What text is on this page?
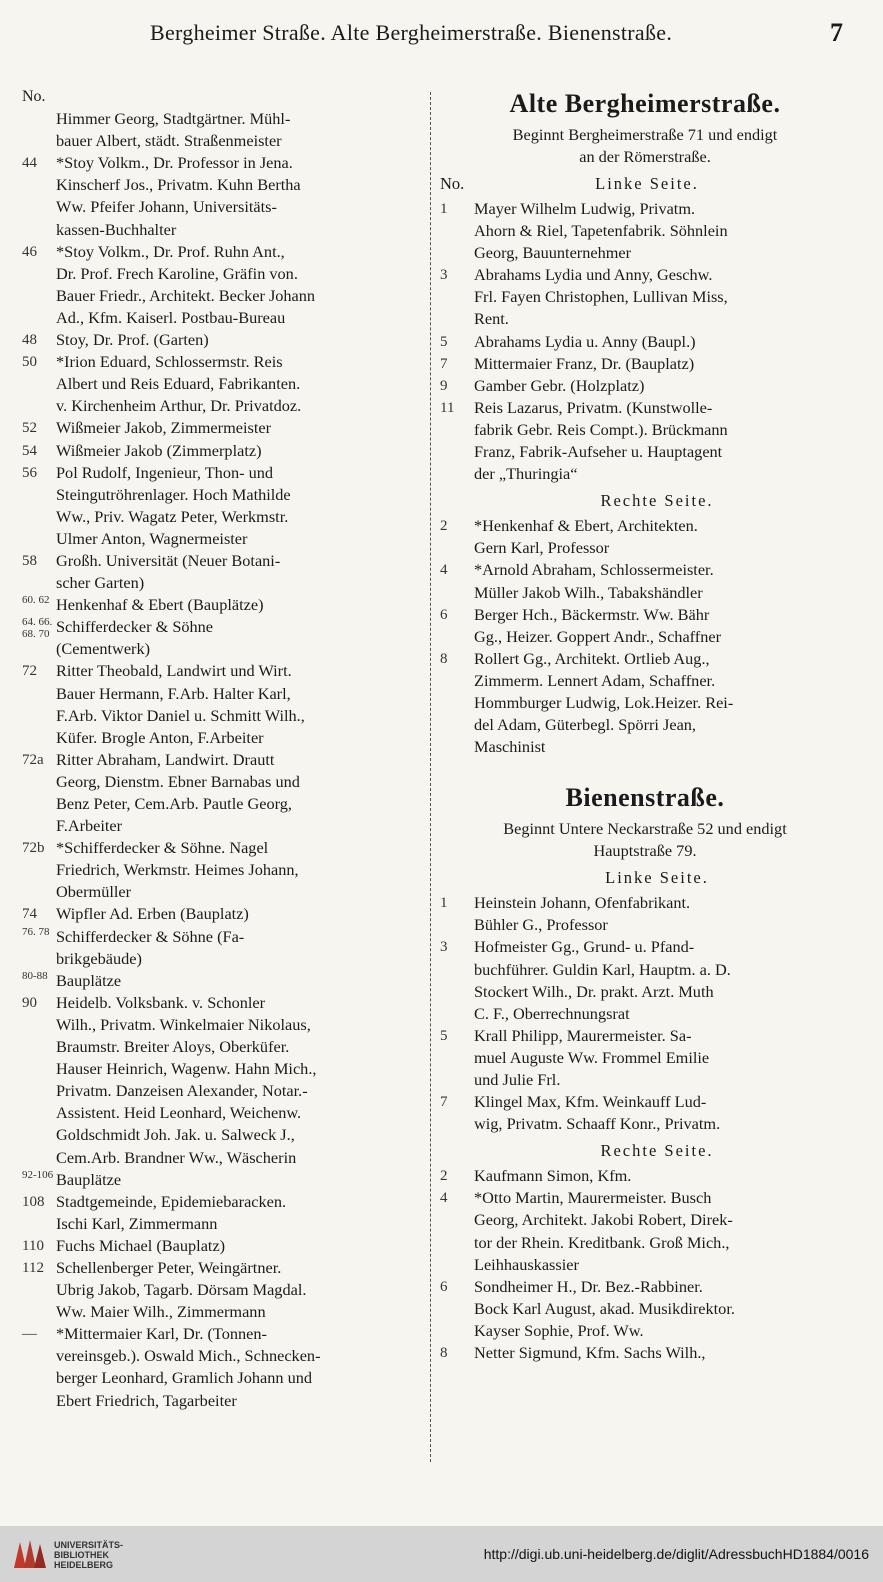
Bergheimer Straße. Alte Bergheimerstraße. Bienenstraße.	7
No.
Himmer Georg, Stadtgärtner. Mühl-
bauer Albert, städt. Straßenmeister
44	*Stoy Volkm., Dr. Professor in Jena.
Kinscherf Jos., Privatm. Kuhn Bertha
Ww. Pfeifer Johann, Universitäts-
kassen-Buchhalter
46	*Stoy Volkm., Dr. Prof. Ruhn Ant.,
Dr. Prof. Frech Karoline, Gräfin von.
Bauer Friedr., Architekt. Becker Johann
Ad., Kfm. Kaiserl. Postbau-Bureau
48	Stoy, Dr. Prof. (Garten)
50	*Irion Eduard, Schlossermstr. Reis
Albert und Reis Eduard, Fabrikanten.
v. Kirchenheim Arthur, Dr. Privatdoz.
52	Wißmeier Jakob, Zimmermeister
54	Wißmeier Jakob (Zimmerplatz)
56	Pol Rudolf, Ingenieur, Thon- und
Steingutröhrenlager. Hoch Mathilde
Ww., Priv. Wagatz Peter, Werkmstr.
Ulmer Anton, Wagnermeister
58	Großh. Universität (Neuer Botani-
scher Garten)
60. 62 Henkenhaf & Ebert (Bauplätze)
64. 66. 68. 70 Schifferdecker & Söhne
(Cementwerk)
72	Ritter Theobald, Landwirt und Wirt.
Bauer Hermann, F.Arb. Halter Karl,
F.Arb. Viktor Daniel u. Schmitt Wilh.,
Küfer. Brogle Anton, F.Arbeiter
72a Ritter Abraham, Landwirt. Drautt
Georg, Dienstm. Ebner Barnabas und
Benz Peter, Cem.Arb. Pautle Georg,
F.Arbeiter
72b *Schifferdecker & Söhne. Nagel
Friedrich, Werkmstr. Heimes Johann,
Obermüller
74	Wipfler Ad. Erben (Bauplatz)
76. 78 Schifferdecker & Söhne (Fa-
brikgebäude)
80-88 Bauplätze
90	Heidelb. Volksbank. v. Schonler
Wilh., Privatm. Winkelmaier Nikolaus,
Braumstr. Breiter Aloys, Oberküfer.
Hauser Heinrich, Wagenw. Hahn Mich.,
Privatm. Danzeisen Alexander, Notar.-
Assistent. Heid Leonhard, Weichenw.
Goldschmidt Joh. Jak. u. Salweck J.,
Cem.Arb. Brandner Ww., Wäscherin
92-106 Bauplätze
108 Stadtgemeinde, Epidemiebaracken.
Ischi Karl, Zimmermann
110 Fuchs Michael (Bauplatz)
112 Schellenberger Peter, Weingärtner.
Ubrig Jakob, Tagarb. Dörsam Magdal.
Ww. Maier Wilh., Zimmermann
—	*Mittermaier Karl, Dr. (Tonnen-
vereinsgeb.). Oswald Mich., Schnecken-
berger Leonhard, Gramlich Johann und
Ebert Friedrich, Tagarbeiter
Alte Bergheimerstraße.
Beginnt Bergheimerstraße 71 und endigt
an der Römerstraße.
No.	Linke Seite.
1	Mayer Wilhelm Ludwig, Privatm.
Ahorn & Riel, Tapetenfabrik. Söhnlein
Georg, Bauunternehmer
3	Abrahams Lydia und Anny, Geschw.
Frl. Fayen Christophen, Lullivan Miss,
Rent.
5	Abrahams Lydia u. Anny (Baupl.)
7	Mittermaier Franz, Dr. (Bauplatz)
9	Gamber Gebr. (Holzplatz)
11	Reis Lazarus, Privatm. (Kunstwolle-
fabrik Gebr. Reis Compt.). Brückmann
Franz, Fabrik-Aufseher u. Hauptagent
der „Thuringia“
Rechte Seite.
2	*Henkenhaf & Ebert, Architekten.
Gern Karl, Professor
4	*Arnold Abraham, Schlossermeister.
Müller Jakob Wilh., Tabakshändler
6	Berger Hch., Bäckermstr. Ww. Bähr
Gg., Heizer. Goppert Andr., Schaffner
8	Rollert Gg., Architekt. Ortlieb Aug.,
Zimmerm. Lennert Adam, Schaffner.
Hommburger Ludwig, Lok.Heizer. Rei-
del Adam, Güterbegl. Spörri Jean,
Maschinist
Bienenstraße.
Beginnt Untere Neckarstraße 52 und endigt
Hauptstraße 79.
Linke Seite.
1	Heinstein Johann, Ofenfabrikant.
Bühler G., Professor
3	Hofmeister Gg., Grund- u. Pfand-
buchführer. Guldin Karl, Hauptm. a. D.
Stockert Wilh., Dr. prakt. Arzt. Muth
C. F., Oberrechnungsrat
5	Krall Philipp, Maurermeister. Sa-
muel Auguste Ww. Frommel Emilie
und Julie Frl.
7	Klingel Max, Kfm. Weinkauff Lud-
wig, Privatm. Schaaff Konr., Privatm.
Rechte Seite.
2	Kaufmann Simon, Kfm.
4	*Otto Martin, Maurermeister. Busch
Georg, Architekt. Jakobi Robert, Direk-
tor der Rhein. Kreditbank. Groß Mich.,
Leihhauskassier
6	Sondheimer H., Dr. Bez.-Rabbiner.
Bock Karl August, akad. Musikdirektor.
Kayser Sophie, Prof. Ww.
8	Netter Sigmund, Kfm. Sachs Wilh.,
UNIVERSITÄTS-
BIBLIOTHEK
HEIDELBERG
http://digi.ub.uni-heidelberg.de/diglit/AdressbuchHD1884/0016
